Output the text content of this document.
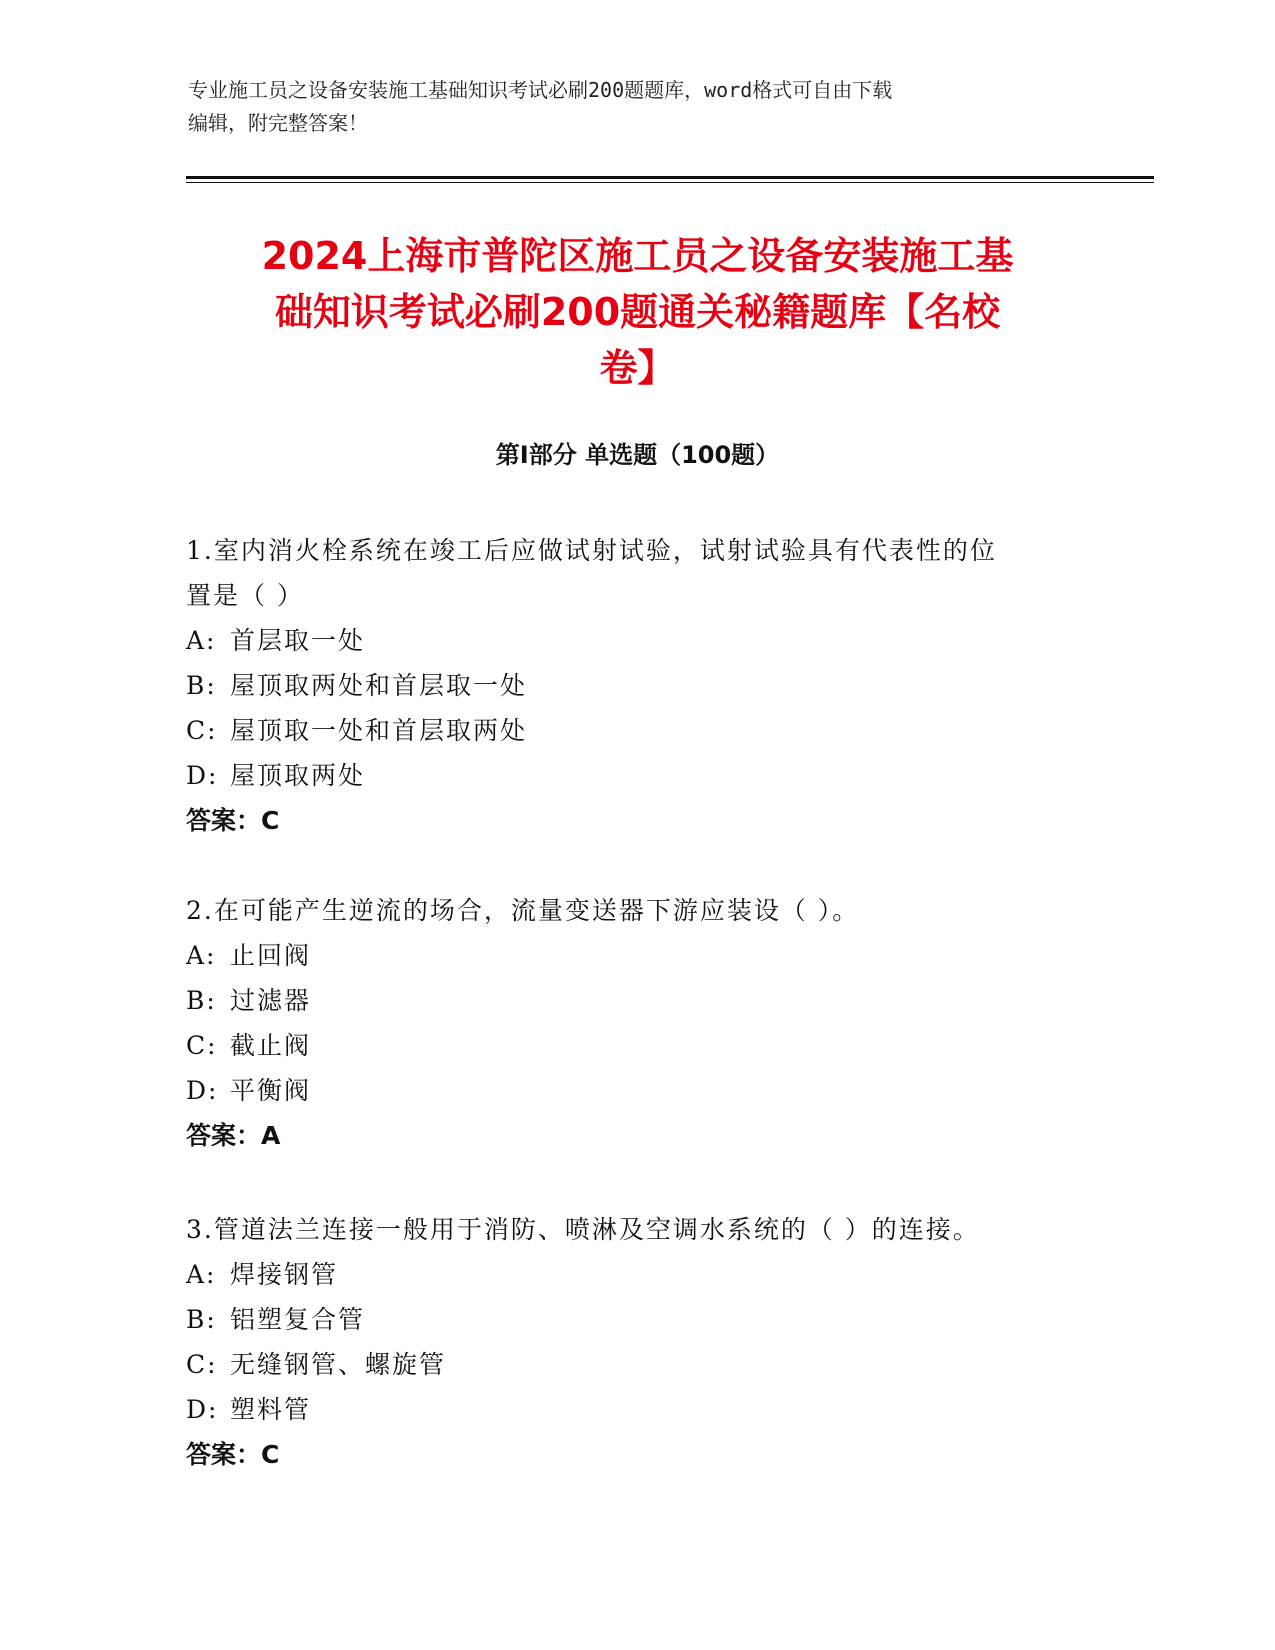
专业施工员之设备安装施工基础知识考试必刷200题题库，word格式可自由下载
编辑，附完整答案！
2024上海市普陀区施工员之设备安装施工基
础知识考试必刷200题通关秘籍题库【名校
卷】
第Ⅰ部分 单选题（100题）
1.室内消火栓系统在竣工后应做试射试验，试射试验具有代表性的位
置是（ ）
A: 首层取一处
B: 屋顶取两处和首层取一处
C: 屋顶取一处和首层取两处
D: 屋顶取两处
答案：C
2.在可能产生逆流的场合，流量变送器下游应装设（ ）。
A: 止回阀
B: 过滤器
C: 截止阀
D: 平衡阀
答案：A
3.管道法兰连接一般用于消防、喷淋及空调水系统的（ ）的连接。
A: 焊接钢管
B: 铝塑复合管
C: 无缝钢管、螺旋管
D: 塑料管
答案：C
